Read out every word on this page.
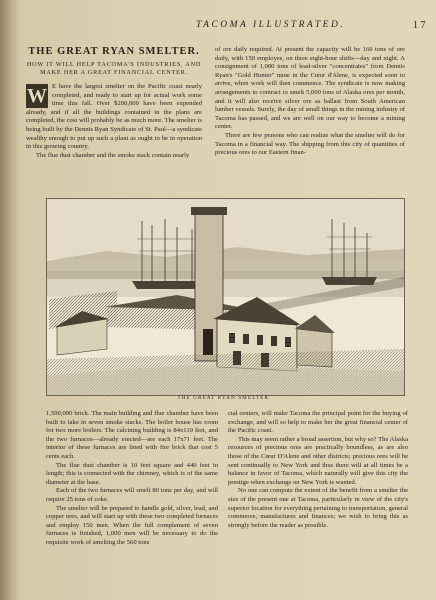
TACOMA ILLUSTRATED.	17
THE GREAT RYAN SMELTER.
HOW IT WILL HELP TACOMA'S INDUSTRIES, AND MAKE HER A GREAT FINANCIAL CENTER.
W E have the largest smelter on the Pacific coast nearly completed, and ready to start up for actual work some time this fall. Over $200,000 have been expended already, and if all the buildings contained in the plans are completed, the cost will probably be as much more. The smelter is being built by the Dennis Ryan Syndicate of St. Paul—a syndicate wealthy enough to put up such a plant as ought to be in operation in this growing country.

The flue dust chamber and the smoke stack contain nearly

of ore daily required. At present the capacity will be 160 tons of ore daily, with 150 employes, on three eight-hour shifts—day and night. A consignment of 1,000 tons of lead-silver "concentrates" from Dennis Ryan's "Gold Hunter" mine in the Cœur d'Alene, is expected soon to arrive, when work will then commence. The syndicate is now making arrangements to contract to smelt 5,000 tons of Alaska ores per month, and it will also receive silver ore as ballast from South American lumber vessels. Surely, the day of small things in the mining industry of Tacoma has passed, and we are well on our way to become a mining center.

There are few persons who can realize what the smelter will do for Tacoma in a financial way. The shipping from this city of quantities of precious ores to our Eastern finan-

THE GREAT RYAN SMELTER.

1,500,000 brick. The main building and flue chamber have been built to take in seven smoke stacks. The boiler house has room for two more boilers. The calcining building is 84x110 feet, and the two furnaces—already erected—are each 17x71 feet. The interior of these furnaces are lined with fire brick that cost 5 cents each.

The flue dust chamber is 10 feet square and 440 feet in length; this is connected with the chimney, which is of the same diameter at the base.

Each of the two furnaces will smelt 80 tons per day, and will require 25 tons of coke.

The smelter will be prepared to handle gold, silver, lead, and copper ores, and will start up with these two completed furnaces and employ 150 men. When the full complement of seven furnaces is finished, 1,000 men will be necessary to do the requisite work of smelting the 560 tons

cial centers, will make Tacoma the principal point for the buying of exchange, and will so help to make her the great financial center of the Pacific coast.

This may seem rather a broad assertion, but why so? The Alaska resources of precious ores are practically boundless, as are also those of the Cœur D'Alene and other districts; precious ores will be sent continually to New York and thus there will at all times be a balance in favor of Tacoma, which naturally will give this city the prestige when exchange on New York is wanted.

No one can compute the extent of the benefit from a smelter the size of the present one at Tacoma, particularly in view of the city's superior location for everything pertaining to transportation, general commerce, manufactures and finances; we wish to bring this as strongly before the reader as possible.
